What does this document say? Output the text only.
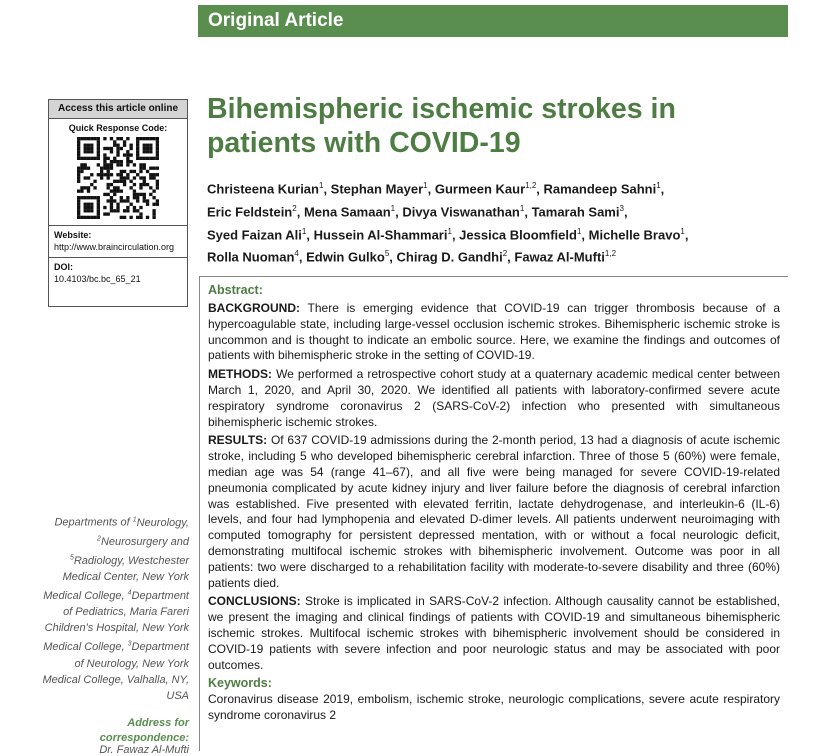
Original Article
Access this article online
Quick Response Code:
Website:
http://www.braincirculation.org
DOI:
10.4103/bc.bc_65_21
Bihemispheric ischemic strokes in patients with COVID-19
Christeena Kurian$^1$, Stephan Mayer$^1$, Gurmeen Kaur$^{1,2}$, Ramandeep Sahni$^1$,
Eric Feldstein$^2$, Mena Samaan$^1$, Divya Viswanathan$^1$, Tamarah Sami$^3$,
Syed Faizan Ali$^1$, Hussein Al-Shammari$^1$, Jessica Bloomfield$^1$, Michelle Bravo$^1$,
Rolla Nuoman$^4$, Edwin Gulko$^5$, Chirag D. Gandhi$^2$, Fawaz Al-Mufti$^{1,2}$
Abstract:
BACKGROUND: There is emerging evidence that COVID-19 can trigger thrombosis because of a hypercoagulable state, including large-vessel occlusion ischemic strokes. Bihemispheric ischemic stroke is uncommon and is thought to indicate an embolic source. Here, we examine the findings and outcomes of patients with bihemispheric stroke in the setting of COVID-19.
METHODS: We performed a retrospective cohort study at a quaternary academic medical center between March 1, 2020, and April 30, 2020. We identified all patients with laboratory-confirmed severe acute respiratory syndrome coronavirus 2 (SARS-CoV-2) infection who presented with simultaneous bihemispheric ischemic strokes.
RESULTS: Of 637 COVID-19 admissions during the 2-month period, 13 had a diagnosis of acute ischemic stroke, including 5 who developed bihemispheric cerebral infarction. Three of those 5 (60%) were female, median age was 54 (range 41–67), and all five were being managed for severe COVID-19-related pneumonia complicated by acute kidney injury and liver failure before the diagnosis of cerebral infarction was established. Five presented with elevated ferritin, lactate dehydrogenase, and interleukin-6 (IL-6) levels, and four had lymphopenia and elevated D-dimer levels. All patients underwent neuroimaging with computed tomography for persistent depressed mentation, with or without a focal neurologic deficit, demonstrating multifocal ischemic strokes with bihemispheric involvement. Outcome was poor in all patients: two were discharged to a rehabilitation facility with moderate-to-severe disability and three (60%) patients died.
CONCLUSIONS: Stroke is implicated in SARS-CoV-2 infection. Although causality cannot be established, we present the imaging and clinical findings of patients with COVID-19 and simultaneous bihemispheric ischemic strokes. Multifocal ischemic strokes with bihemispheric involvement should be considered in COVID-19 patients with severe infection and poor neurologic status and may be associated with poor outcomes.
Keywords:
Coronavirus disease 2019, embolism, ischemic stroke, neurologic complications, severe acute respiratory syndrome coronavirus 2
Departments of $^1$Neurology, $^2$Neurosurgery and $^5$Radiology, Westchester Medical Center, New York Medical College, $^4$Department of Pediatrics, Maria Fareri Children's Hospital, New York Medical College, $^3$Department of Neurology, New York Medical College, Valhalla, NY, USA
Address for correspondence:
Dr. Fawaz Al-Mufti
